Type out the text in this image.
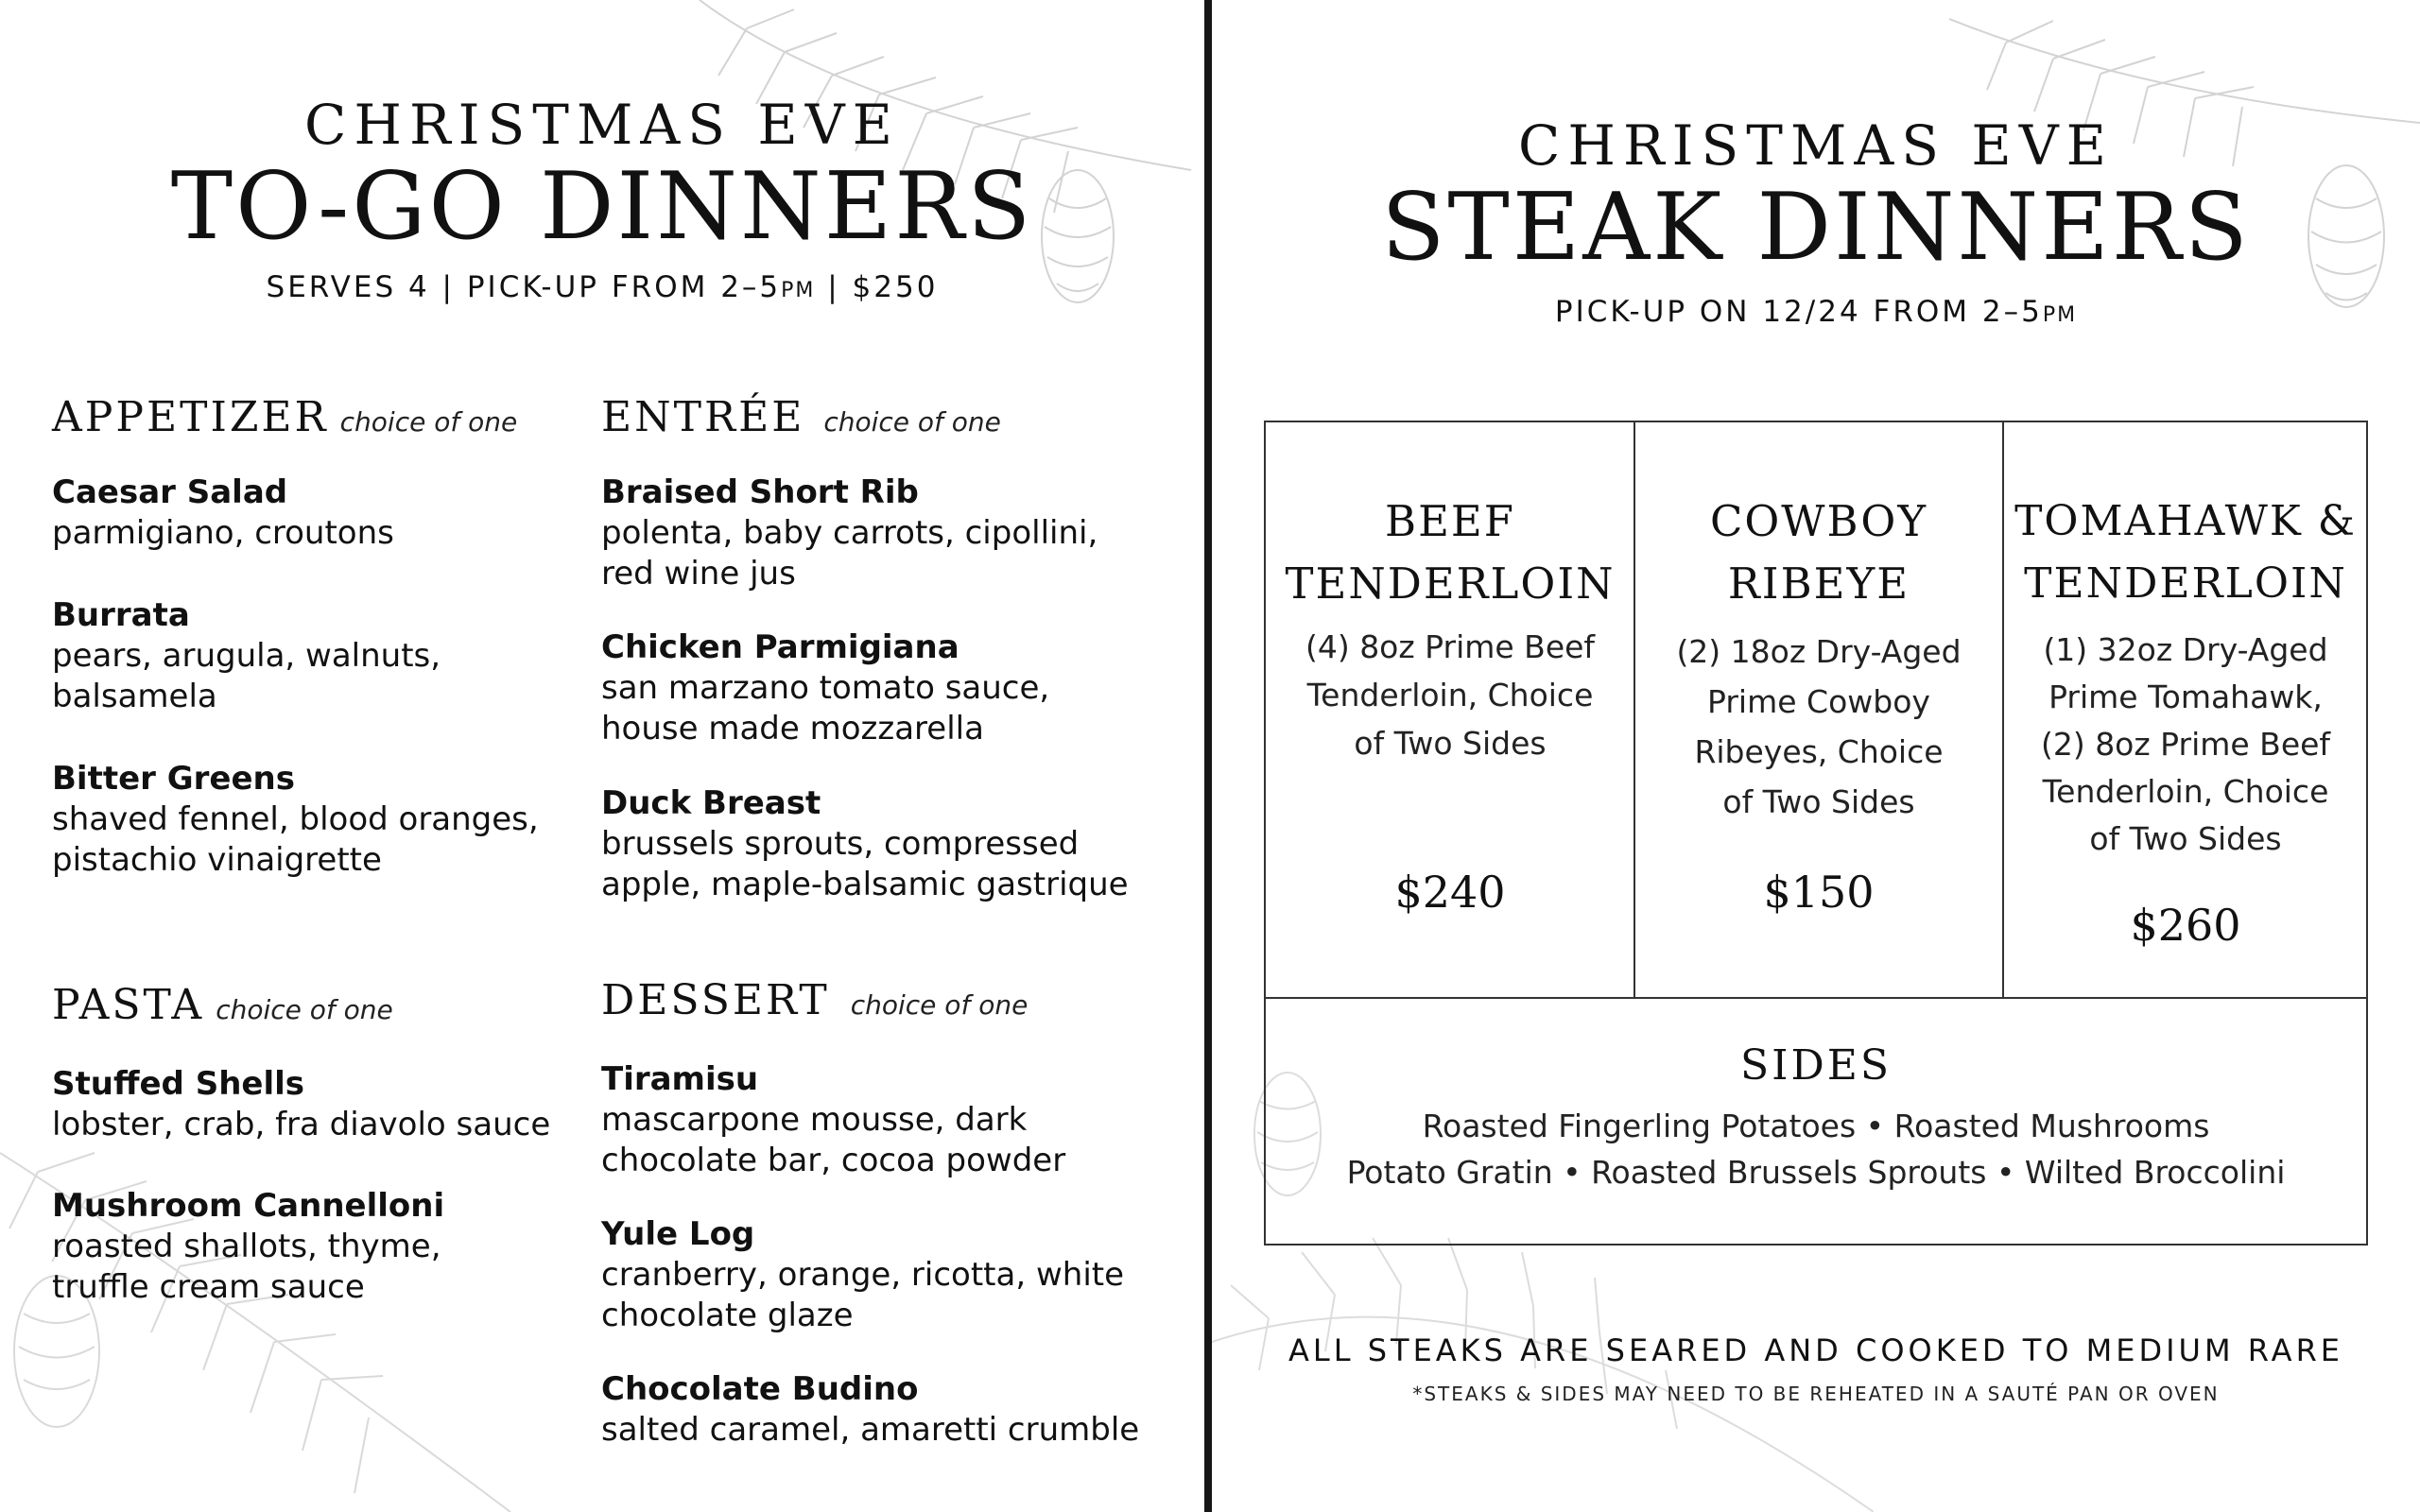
CHRISTMAS EVE
TO-GO DINNERS
SERVES 4 | PICK-UP FROM 2–5PM | $250
APPETIZER choice of one
Caesar Salad
parmigiano, croutons
Burrata
pears, arugula, walnuts, balsamela
Bitter Greens
shaved fennel, blood oranges, pistachio vinaigrette
ENTRÉE choice of one
Braised Short Rib
polenta, baby carrots, cipollini, red wine jus
Chicken Parmigiana
san marzano tomato sauce, house made mozzarella
Duck Breast
brussels sprouts, compressed apple, maple-balsamic gastrique
PASTA choice of one
Stuffed Shells
lobster, crab, fra diavolo sauce
Mushroom Cannelloni
roasted shallots, thyme, truffle cream sauce
DESSERT choice of one
Tiramisu
mascarpone mousse, dark chocolate bar, cocoa powder
Yule Log
cranberry, orange, ricotta, white chocolate glaze
Chocolate Budino
salted caramel, amaretti crumble
CHRISTMAS EVE
STEAK DINNERS
PICK-UP ON 12/24 FROM 2–5PM
BEEF
TENDERLOIN
(4) 8oz Prime Beef
Tenderloin, Choice
of Two Sides
$240
COWBOY
RIBEYE
(2) 18oz Dry-Aged
Prime Cowboy
Ribeyes, Choice
of Two Sides
$150
TOMAHAWK &
TENDERLOIN
(1) 32oz Dry-Aged
Prime Tomahawk,
(2) 8oz Prime Beef
Tenderloin, Choice
of Two Sides
$260
SIDES
Roasted Fingerling Potatoes • Roasted Mushrooms
Potato Gratin • Roasted Brussels Sprouts • Wilted Broccolini
ALL STEAKS ARE SEARED AND COOKED TO MEDIUM RARE
*STEAKS & SIDES MAY NEED TO BE REHEATED IN A SAUTÉ PAN OR OVEN
